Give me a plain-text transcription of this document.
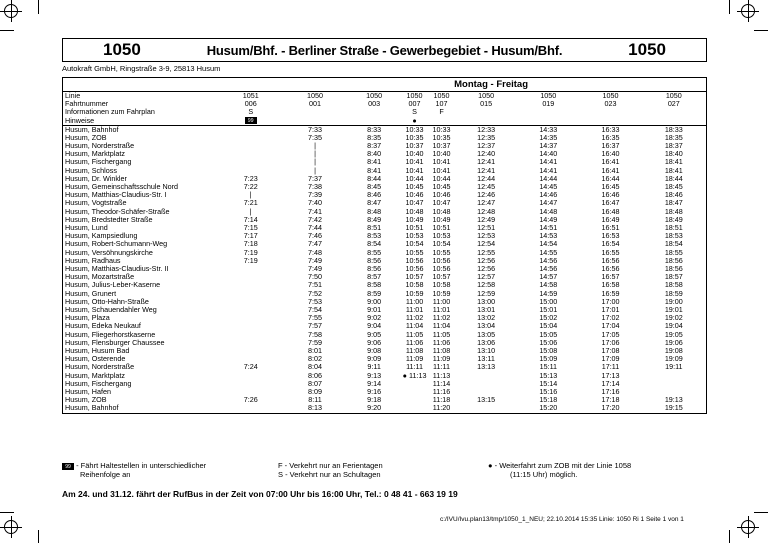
1050	Husum/Bhf. - Berliner Straße - Gewerbegebiet - Husum/Bhf.	1050
Autokraft GmbH, Ringstraße 3-9, 25813 Husum
Montag - Freitag
Linie	1051	1050	1050	1050	1050	1050	1050	1050	1050
Fahrtnummer	006	001	003	007	107	015	019	023	027
Informationen zum Fahrplan	S			S	F				
Hinweise	99			●					
Husum, Bahnhof		7:33	8:33	10:33	10:33	12:33	14:33	16:33	18:33
Husum, ZOB		7:35	8:35	10:35	10:35	12:35	14:35	16:35	18:35
Husum, Norderstraße		|	8:37	10:37	10:37	12:37	14:37	16:37	18:37
Husum, Marktplatz		|	8:40	10:40	10:40	12:40	14:40	16:40	18:40
Husum, Fischergang		|	8:41	10:41	10:41	12:41	14:41	16:41	18:41
Husum, Schloss		|	8:41	10:41	10:41	12:41	14:41	16:41	18:41
Husum, Dr. Winkler	7:23	7:37	8:44	10:44	10:44	12:44	14:44	16:44	18:44
Husum, Gemeinschaftsschule Nord	7:22	7:38	8:45	10:45	10:45	12:45	14:45	16:45	18:45
Husum, Matthias-Claudius-Str. I	|	7:39	8:46	10:46	10:46	12:46	14:46	16:46	18:46
Husum, Vogtstraße	7:21	7:40	8:47	10:47	10:47	12:47	14:47	16:47	18:47
Husum, Theodor-Schäfer-Straße	|	7:41	8:48	10:48	10:48	12:48	14:48	16:48	18:48
Husum, Bredstedter Straße	7:14	7:42	8:49	10:49	10:49	12:49	14:49	16:49	18:49
Husum, Lund	7:15	7:44	8:51	10:51	10:51	12:51	14:51	16:51	18:51
Husum, Kampsiedlung	7:17	7:46	8:53	10:53	10:53	12:53	14:53	16:53	18:53
Husum, Robert-Schumann-Weg	7:18	7:47	8:54	10:54	10:54	12:54	14:54	16:54	18:54
Husum, Versöhnungskirche	7:19	7:48	8:55	10:55	10:55	12:55	14:55	16:55	18:55
Husum, Radhaus	7:19	7:49	8:56	10:56	10:56	12:56	14:56	16:56	18:56
Husum, Matthias-Claudius-Str. II		7:49	8:56	10:56	10:56	12:56	14:56	16:56	18:56
Husum, Mozartstraße		7:50	8:57	10:57	10:57	12:57	14:57	16:57	18:57
Husum, Julius-Leber-Kaserne		7:51	8:58	10:58	10:58	12:58	14:58	16:58	18:58
Husum, Grunert		7:52	8:59	10:59	10:59	12:59	14:59	16:59	18:59
Husum, Otto-Hahn-Straße		7:53	9:00	11:00	11:00	13:00	15:00	17:00	19:00
Husum, Schauendahler Weg		7:54	9:01	11:01	11:01	13:01	15:01	17:01	19:01
Husum, Plaza		7:55	9:02	11:02	11:02	13:02	15:02	17:02	19:02
Husum, Edeka Neukauf		7:57	9:04	11:04	11:04	13:04	15:04	17:04	19:04
Husum, Fliegerhorstkaserne		7:58	9:05	11:05	11:05	13:05	15:05	17:05	19:05
Husum, Flensburger Chaussee		7:59	9:06	11:06	11:06	13:06	15:06	17:06	19:06
Husum, Husum Bad		8:01	9:08	11:08	11:08	13:10	15:08	17:08	19:08
Husum, Osterende		8:02	9:09	11:09	11:09	13:11	15:09	17:09	19:09
Husum, Norderstraße	7:24	8:04	9:11	11:11	11:11	13:13	15:11	17:11	19:11
Husum, Marktplatz		8:06	9:13	● 11:13	11:13		15:13	17:13	
Husum, Fischergang		8:07	9:14		11:14		15:14	17:14	
Husum, Hafen		8:09	9:16		11:16		15:16	17:16	
Husum, ZOB	7:26	8:11	9:18		11:18	13:15	15:18	17:18	19:13
Husum, Bahnhof		8:13	9:20		11:20		15:20	17:20	19:15
99 - Fährt Haltestellen in unterschiedlicher
Reihenfolge an
F - Verkehrt nur an Ferientagen
S - Verkehrt nur an Schultagen
● - Weiterfahrt zum ZOB mit der Linie 1058
(11:15 Uhr) möglich.
Am 24. und 31.12. fährt der RufBus in der Zeit von 07:00 Uhr bis 16:00 Uhr, Tel.: 0 48 41 - 663 19 19
c:/IVU/Ivu.plan13/tmp/1050_1_NEU; 22.10.2014 15:35 Linie: 1050 Ri 1 Seite 1 von 1
